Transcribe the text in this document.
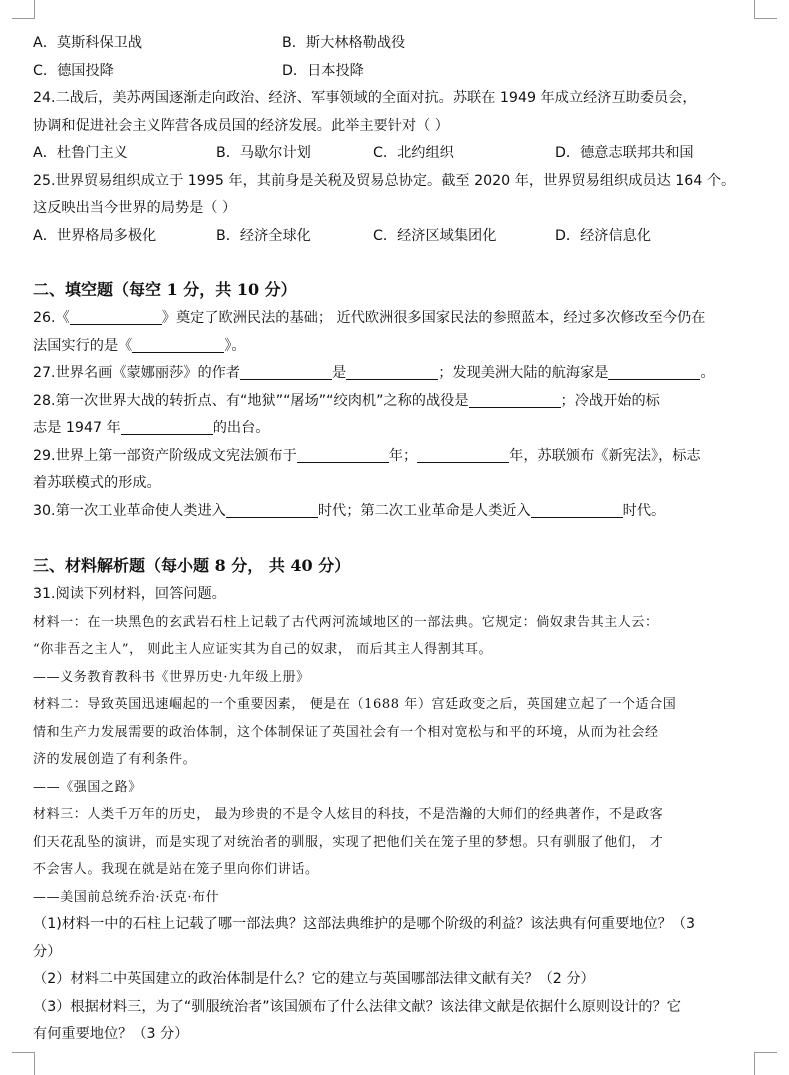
A．莫斯科保卫战	B．斯大林格勒战役
C．德国投降	D．日本投降
24.二战后，美苏两国逐渐走向政治、经济、军事领域的全面对抗。苏联在 1949 年成立经济互助委员会，
协调和促进社会主义阵营各成员国的经济发展。此举主要针对（ ）
A．杜鲁门主义	B．马歇尔计划	C．北约组织	D．德意志联邦共和国
25.世界贸易组织成立于 1995 年，其前身是关税及贸易总协定。截至 2020 年，世界贸易组织成员达 164 个。
这反映出当今世界的局势是（ ）
A．世界格局多极化	B．经济全球化	C．经济区域集团化	D．经济信息化
二、填空题（每空 1 分，共 10 分）
26.《	》奠定了欧洲民法的基础； 近代欧洲很多国家民法的参照蓝本，经过多次修改至今仍在
法国实行的是《	》。
27.世界名画《蒙娜丽莎》的作者	是	；发现美洲大陆的航海家是	。
28.第一次世界大战的转折点、有“地狱”“屠场”“绞肉机”之称的战役是	；冷战开始的标
志是 1947 年	的出台。
29.世界上第一部资产阶级成文宪法颁布于	年；	年，苏联颁布《新宪法》，标志
着苏联模式的形成。
30.第一次工业革命使人类进入	时代；第二次工业革命是人类近入	时代。
三、材料解析题（每小题 8 分， 共 40 分）
31.阅读下列材料，回答问题。
材料一：在一块黑色的玄武岩石柱上记载了古代两河流域地区的一部法典。它规定：倘奴隶告其主人云：
“你非吾之主人”， 则此主人应证实其为自己的奴隶， 而后其主人得割其耳。
——义务教育教科书《世界历史·九年级上册》
材料二：导致英国迅速崛起的一个重要因素， 便是在（1688 年）宫廷政变之后，英国建立起了一个适合国
情和生产力发展需要的政治体制，这个体制保证了英国社会有一个相对宽松与和平的环境，从而为社会经
济的发展创造了有利条件。
——《强国之路》
材料三：人类千万年的历史， 最为珍贵的不是令人炫目的科技，不是浩瀚的大师们的经典著作，不是政客
们天花乱坠的演讲，而是实现了对统治者的驯服，实现了把他们关在笼子里的梦想。只有驯服了他们， 才
不会害人。我现在就是站在笼子里向你们讲话。
——美国前总统乔治·沃克·布什
（1)材料一中的石柱上记载了哪一部法典？这部法典维护的是哪个阶级的利益？该法典有何重要地位？（3
分）
（2）材料二中英国建立的政治体制是什么？它的建立与英国哪部法律文献有关？（2 分）
（3）根据材料三，为了“驯服统治者”该国颁布了什么法律文献？该法律文献是依据什么原则设计的？它
有何重要地位？（3 分）
